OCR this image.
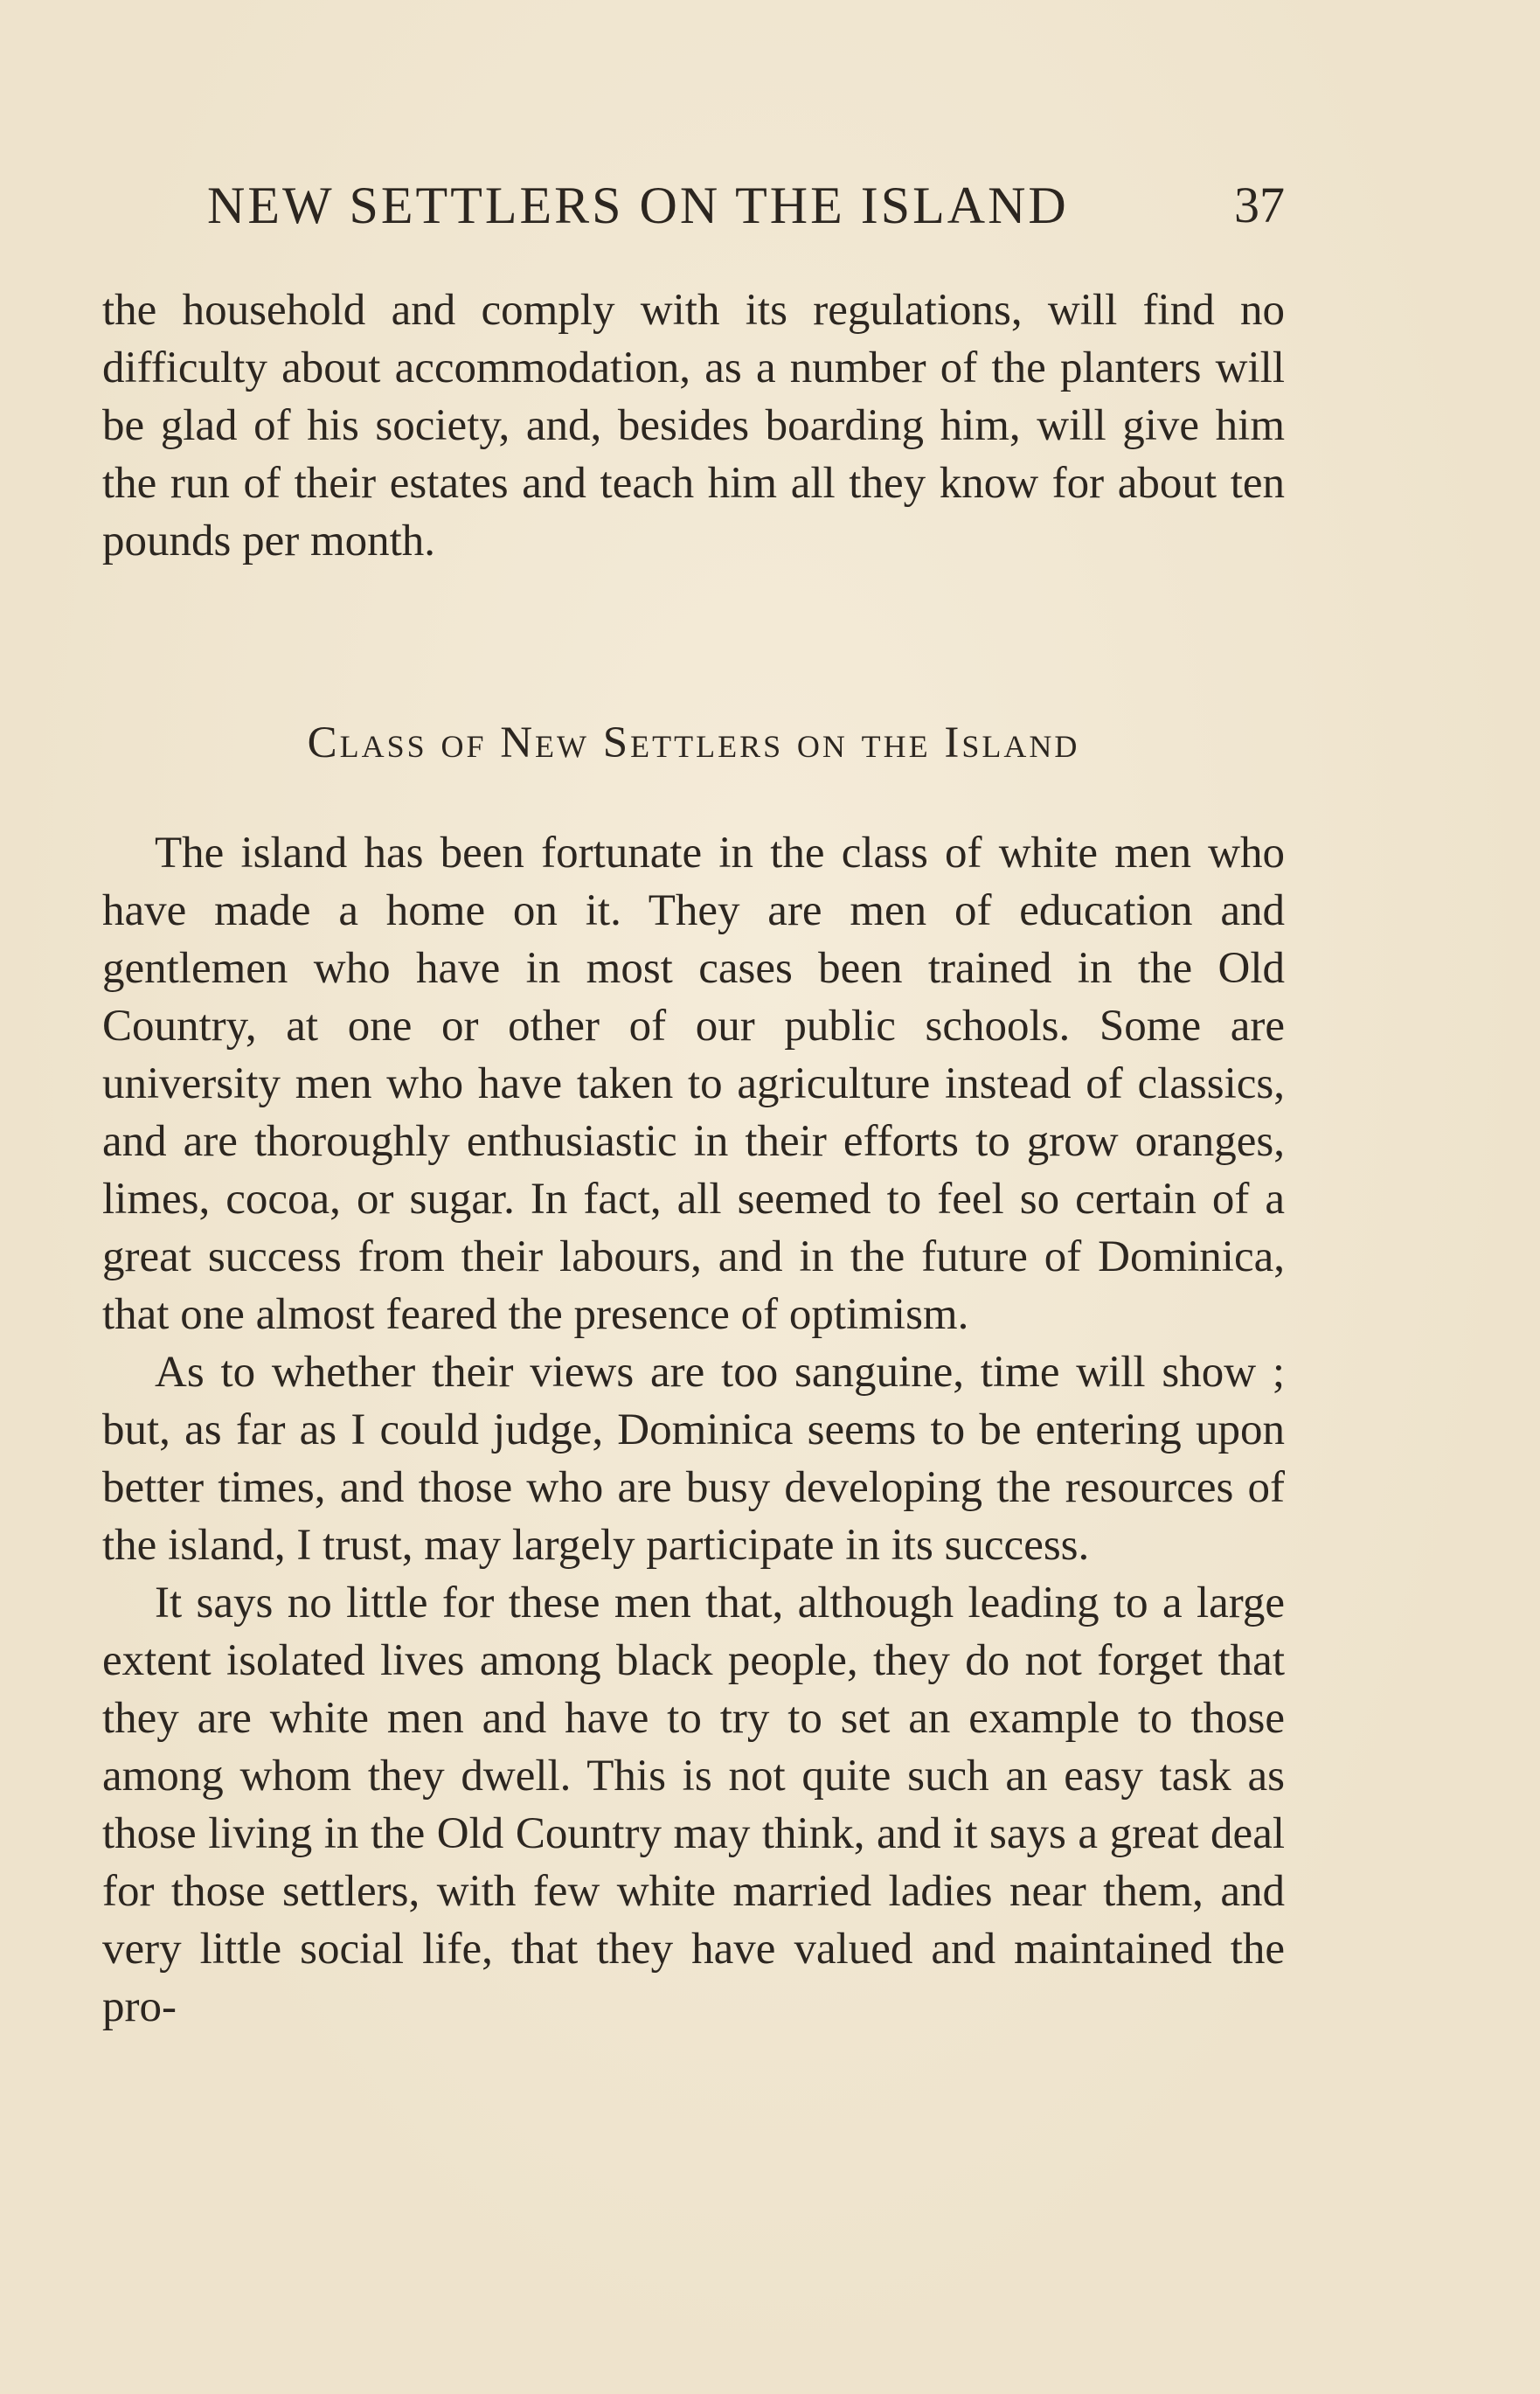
NEW SETTLERS ON THE ISLAND	37

the household and comply with its regulations, will find no difficulty about accommodation, as a number of the planters will be glad of his society, and, besides boarding him, will give him the run of their estates and teach him all they know for about ten pounds per month.

Class of New Settlers on the Island

The island has been fortunate in the class of white men who have made a home on it. They are men of education and gentlemen who have in most cases been trained in the Old Country, at one or other of our public schools. Some are university men who have taken to agriculture instead of classics, and are thoroughly enthusiastic in their efforts to grow oranges, limes, cocoa, or sugar. In fact, all seemed to feel so certain of a great success from their labours, and in the future of Dominica, that one almost feared the presence of optimism.

As to whether their views are too sanguine, time will show ; but, as far as I could judge, Dominica seems to be entering upon better times, and those who are busy developing the resources of the island, I trust, may largely participate in its success.

It says no little for these men that, although leading to a large extent isolated lives among black people, they do not forget that they are white men and have to try to set an example to those among whom they dwell. This is not quite such an easy task as those living in the Old Country may think, and it says a great deal for those settlers, with few white married ladies near them, and very little social life, that they have valued and maintained the pro-
